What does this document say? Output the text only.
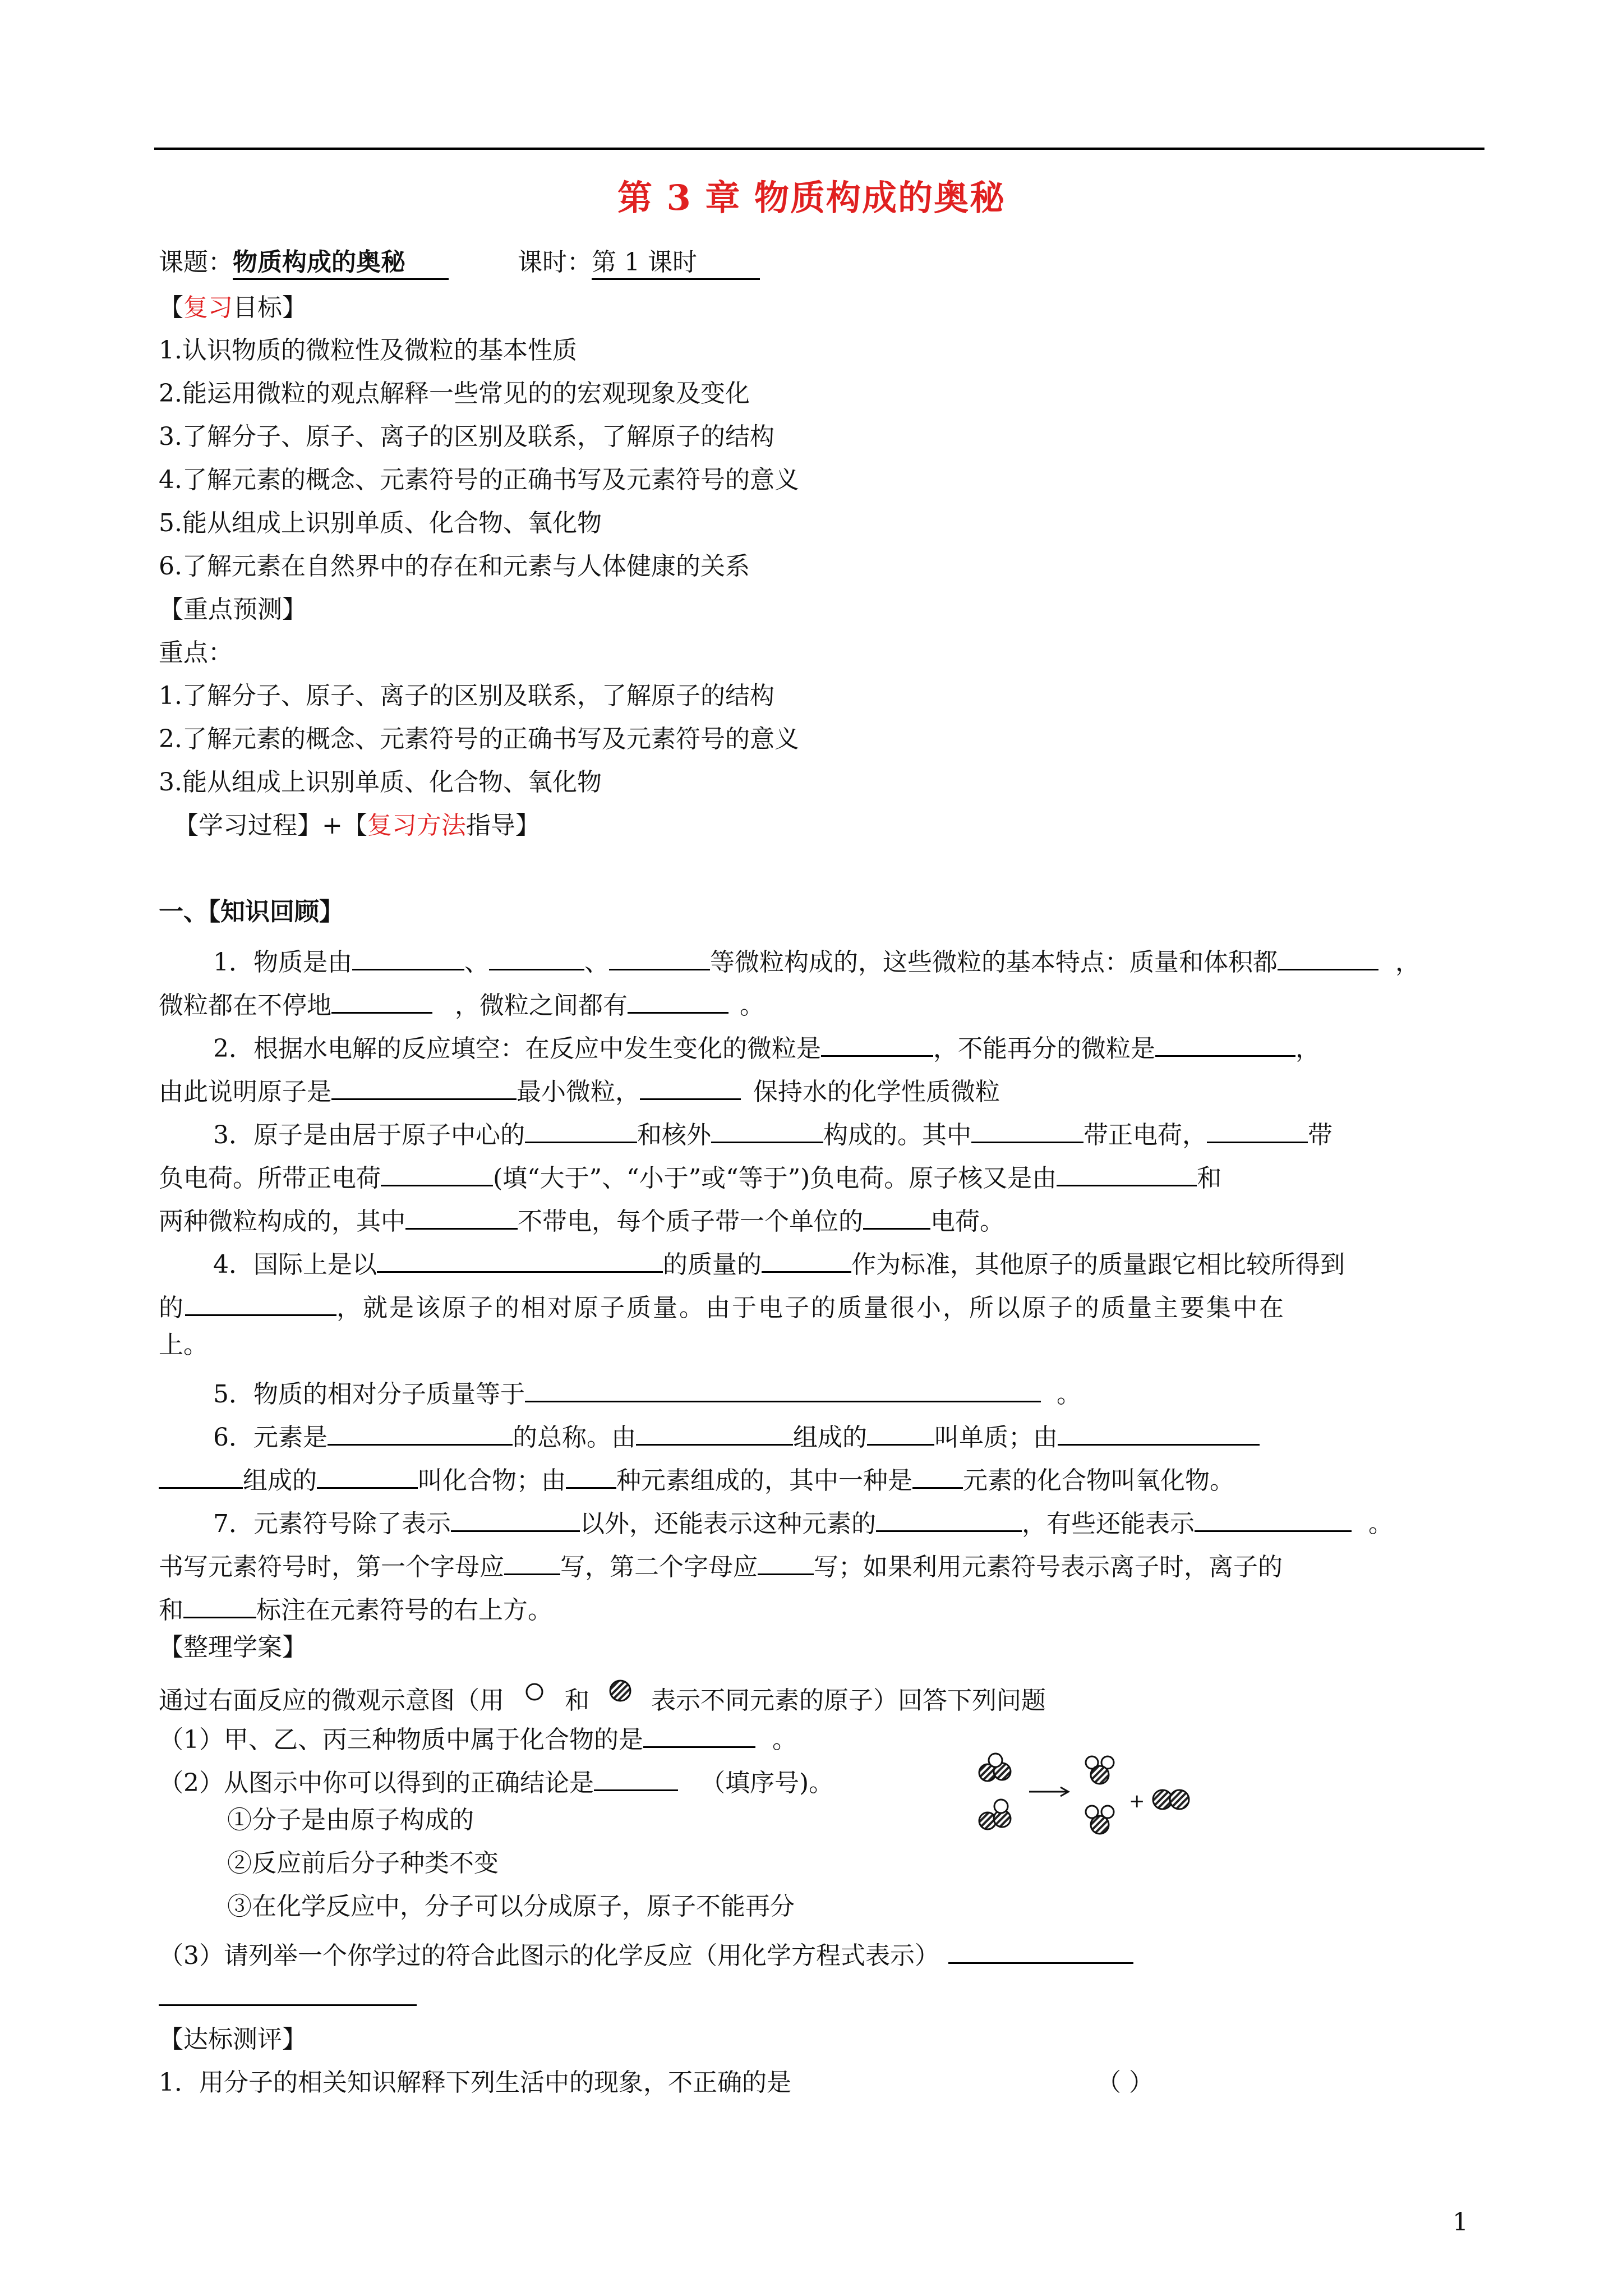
第 3 章 物质构成的奥秘
课题：物质构成的奥秘	课时：第 1 课时
【复习目标】
1.认识物质的微粒性及微粒的基本性质
2.能运用微粒的观点解释一些常见的的宏观现象及变化
3.了解分子、原子、离子的区别及联系，了解原子的结构
4.了解元素的概念、元素符号的正确书写及元素符号的意义
5.能从组成上识别单质、化合物、氧化物
6.了解元素在自然界中的存在和元素与人体健康的关系
【重点预测】
重点：
1.了解分子、原子、离子的区别及联系，了解原子的结构
2.了解元素的概念、元素符号的正确书写及元素符号的意义
3.能从组成上识别单质、化合物、氧化物
【学习过程】+【复习方法指导】
一、【知识回顾】
1．物质是由	、	、	等微粒构成的，这些微粒的基本特点：质量和体积都	，
微粒都在不停地	，微粒之间都有	。
2．根据水电解的反应填空：在反应中发生变化的微粒是	，不能再分的微粒是	，
由此说明原子是	最小微粒，	保持水的化学性质微粒
3．原子是由居于原子中心的	和核外	构成的。其中	带正电荷，	带
负电荷。所带正电荷	(填“大于”、“小于”或“等于”)负电荷。原子核又是由	和
两种微粒构成的，其中	不带电，每个质子带一个单位的	电荷。
4．国际上是以	的质量的	作为标准，其他原子的质量跟它相比较所得到
的	，就是该原子的相对原子质量。由于电子的质量很小，所以原子的质量主要集中在
上。
5．物质的相对分子质量等于	。
6．元素是	的总称。由	组成的	叫单质；由
组成的	叫化合物；由 种元素组成的，其中一种是 元素的化合物叫氧化物。
7．元素符号除了表示	以外，还能表示这种元素的	，有些还能表示	。
书写元素符号时，第一个字母应 写，第二个字母应 写；如果利用元素符号表示离子时，离子的
和	标注在元素符号的右上方。
【整理学案】
通过右面反应的微观示意图（用 和	表示不同元素的原子）回答下列问题
（1）甲、乙、丙三种物质中属于化合物的是	。
（2）从图示中你可以得到的正确结论是	（填序号)。
①分子是由原子构成的
②反应前后分子种类不变
③在化学反应中，分子可以分成原子，原子不能再分
（3）请列举一个你学过的符合此图示的化学反应（用化学方程式表示）
+
【达标测评】
1．用分子的相关知识解释下列生活中的现象，不正确的是	（ ）
1
